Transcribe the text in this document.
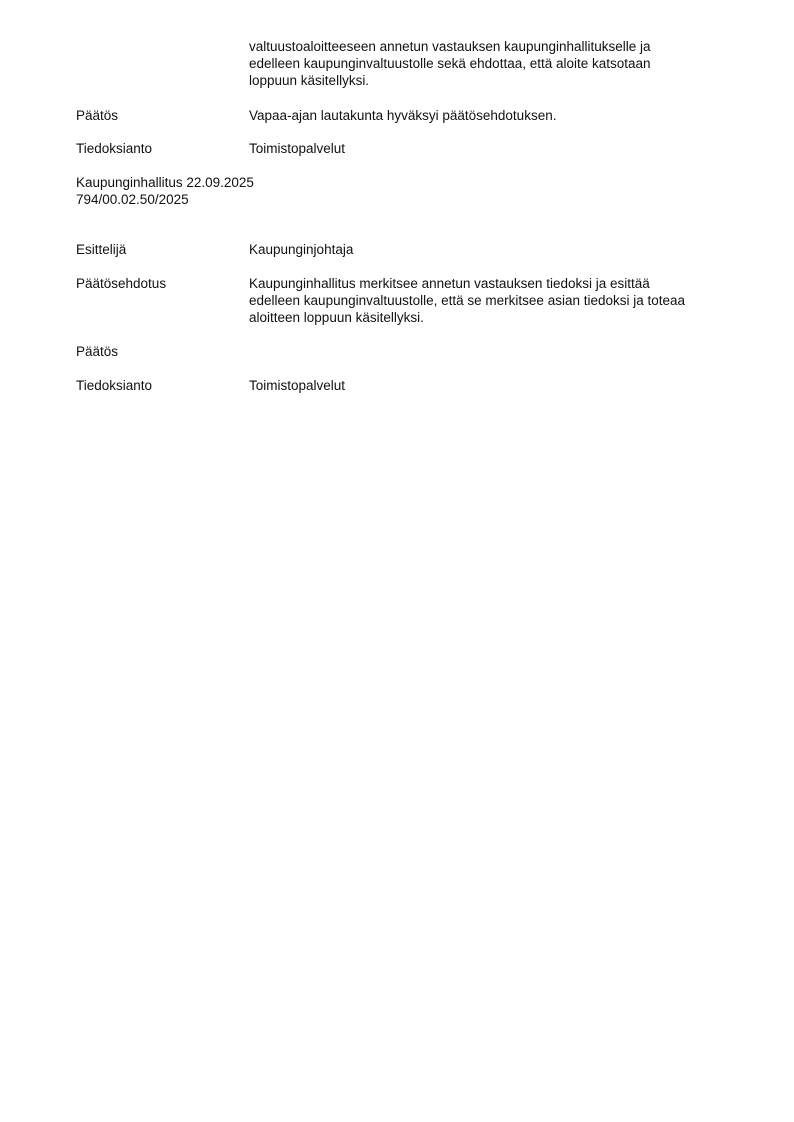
valtuustoaloitteeseen annetun vastauksen kaupunginhallitukselle ja
edelleen kaupunginvaltuustolle sekä ehdottaa, että aloite katsotaan
loppuun käsitellyksi.
Päätös	Vapaa-ajan lautakunta hyväksyi päätösehdotuksen.
Tiedoksianto	Toimistopalvelut
Kaupunginhallitus 22.09.2025
794/00.02.50/2025
Esittelijä	Kaupunginjohtaja
Päätösehdotus	Kaupunginhallitus merkitsee annetun vastauksen tiedoksi ja esittää
edelleen kaupunginvaltuustolle, että se merkitsee asian tiedoksi ja toteaa
aloitteen loppuun käsitellyksi.
Päätös
Tiedoksianto	Toimistopalvelut
